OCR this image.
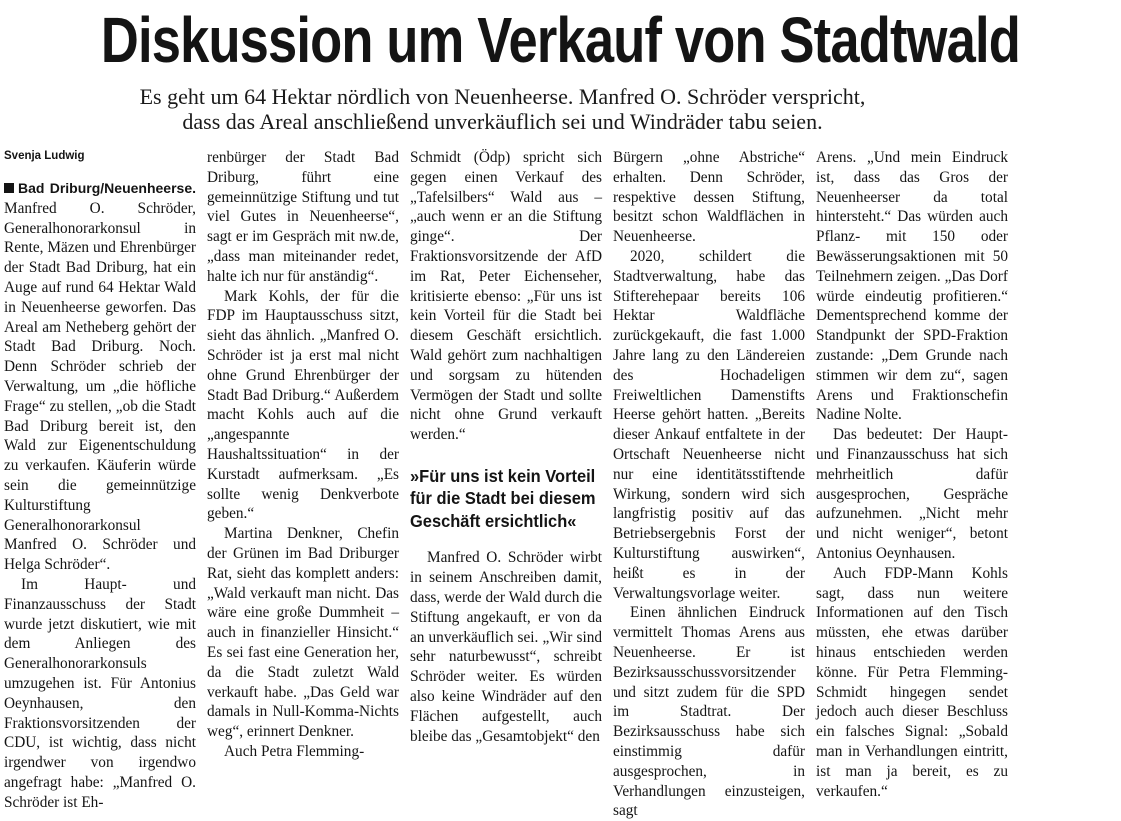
Diskussion um Verkauf von Stadtwald
Es geht um 64 Hektar nördlich von Neuenheerse. Manfred O. Schröder verspricht,
dass das Areal anschließend unverkäuflich sei und Windräder tabu seien.
Svenja Ludwig

Bad Driburg/Neuenheerse. Manfred O. Schröder, Generalhonorarkonsul in Rente, Mäzen und Ehrenbürger der Stadt Bad Driburg, hat ein Auge auf rund 64 Hektar Wald in Neuenheerse geworfen. Das Areal am Netheberg gehört der Stadt Bad Driburg. Noch. Denn Schröder schrieb der Verwaltung, um „die höfliche Frage“ zu stellen, „ob die Stadt Bad Driburg bereit ist, den Wald zur Eigenentschuldung zu verkaufen. Käuferin würde sein die gemeinnützige Kulturstiftung Generalhonorarkonsul Manfred O. Schröder und Helga Schröder“.

Im Haupt- und Finanzausschuss der Stadt wurde jetzt diskutiert, wie mit dem Anliegen des Generalhonorarkonsuls umzugehen ist. Für Antonius Oeynhausen, den Fraktionsvorsitzenden der CDU, ist wichtig, dass nicht irgendwer von irgendwo angefragt habe: „Manfred O. Schröder ist Eh-

renbürger der Stadt Bad Driburg, führt eine gemeinnützige Stiftung und tut viel Gutes in Neuenheerse“, sagt er im Gespräch mit nw.de, „dass man miteinander redet, halte ich nur für anständig“.

Mark Kohls, der für die FDP im Hauptausschuss sitzt, sieht das ähnlich. „Manfred O. Schröder ist ja erst mal nicht ohne Grund Ehrenbürger der Stadt Bad Driburg.“ Außerdem macht Kohls auch auf die „angespannte Haushaltssituation“ in der Kurstadt aufmerksam. „Es sollte wenig Denkverbote geben.“

Martina Denkner, Chefin der Grünen im Bad Driburger Rat, sieht das komplett anders: „Wald verkauft man nicht. Das wäre eine große Dummheit – auch in finanzieller Hinsicht.“ Es sei fast eine Generation her, da die Stadt zuletzt Wald verkauft habe. „Das Geld war damals in Null-Komma-Nichts weg“, erinnert Denkner.

Auch Petra Flemming-

Schmidt (Ödp) spricht sich gegen einen Verkauf des „Tafelsilbers“ Wald aus – „auch wenn er an die Stiftung ginge“. Der Fraktionsvorsitzende der AfD im Rat, Peter Eichenseher, kritisierte ebenso: „Für uns ist kein Vorteil für die Stadt bei diesem Geschäft ersichtlich. Wald gehört zum nachhaltigen und sorgsam zu hütenden Vermögen der Stadt und sollte nicht ohne Grund verkauft werden.“

»Für uns ist kein Vorteil für die Stadt bei diesem Geschäft ersichtlich«

Manfred O. Schröder wirbt in seinem Anschreiben damit, dass, werde der Wald durch die Stiftung angekauft, er von da an unverkäuflich sei. „Wir sind sehr naturbewusst“, schreibt Schröder weiter. Es würden also keine Windräder auf den Flächen aufgestellt, auch bleibe das „Gesamtobjekt“ den

Bürgern „ohne Abstriche“ erhalten. Denn Schröder, respektive dessen Stiftung, besitzt schon Waldflächen in Neuenheerse.

2020, schildert die Stadtverwaltung, habe das Stifterehepaar bereits 106 Hektar Waldfläche zurückgekauft, die fast 1.000 Jahre lang zu den Ländereien des Hochadeligen Freiweltlichen Damenstifts Heerse gehört hatten. „Bereits dieser Ankauf entfaltete in der Ortschaft Neuenheerse nicht nur eine identitätsstiftende Wirkung, sondern wird sich langfristig positiv auf das Betriebsergebnis Forst der Kulturstiftung auswirken“, heißt es in der Verwaltungsvorlage weiter.

Einen ähnlichen Eindruck vermittelt Thomas Arens aus Neuenheerse. Er ist Bezirksausschussvorsitzender und sitzt zudem für die SPD im Stadtrat. Der Bezirksausschuss habe sich einstimmig dafür ausgesprochen, in Verhandlungen einzusteigen, sagt

Arens. „Und mein Eindruck ist, dass das Gros der Neuenheerser da total hintersteht.“ Das würden auch Pflanz- mit 150 oder Bewässerungsaktionen mit 50 Teilnehmern zeigen. „Das Dorf würde eindeutig profitieren.“ Dementsprechend komme der Standpunkt der SPD-Fraktion zustande: „Dem Grunde nach stimmen wir dem zu“, sagen Arens und Fraktionschefin Nadine Nolte.

Das bedeutet: Der Haupt- und Finanzausschuss hat sich mehrheitlich dafür ausgesprochen, Gespräche aufzunehmen. „Nicht mehr und nicht weniger“, betont Antonius Oeynhausen.

Auch FDP-Mann Kohls sagt, dass nun weitere Informationen auf den Tisch müssten, ehe etwas darüber hinaus entschieden werden könne. Für Petra Flemming-Schmidt hingegen sendet jedoch auch dieser Beschluss ein falsches Signal: „Sobald man in Verhandlungen eintritt, ist man ja bereit, es zu verkaufen.“
